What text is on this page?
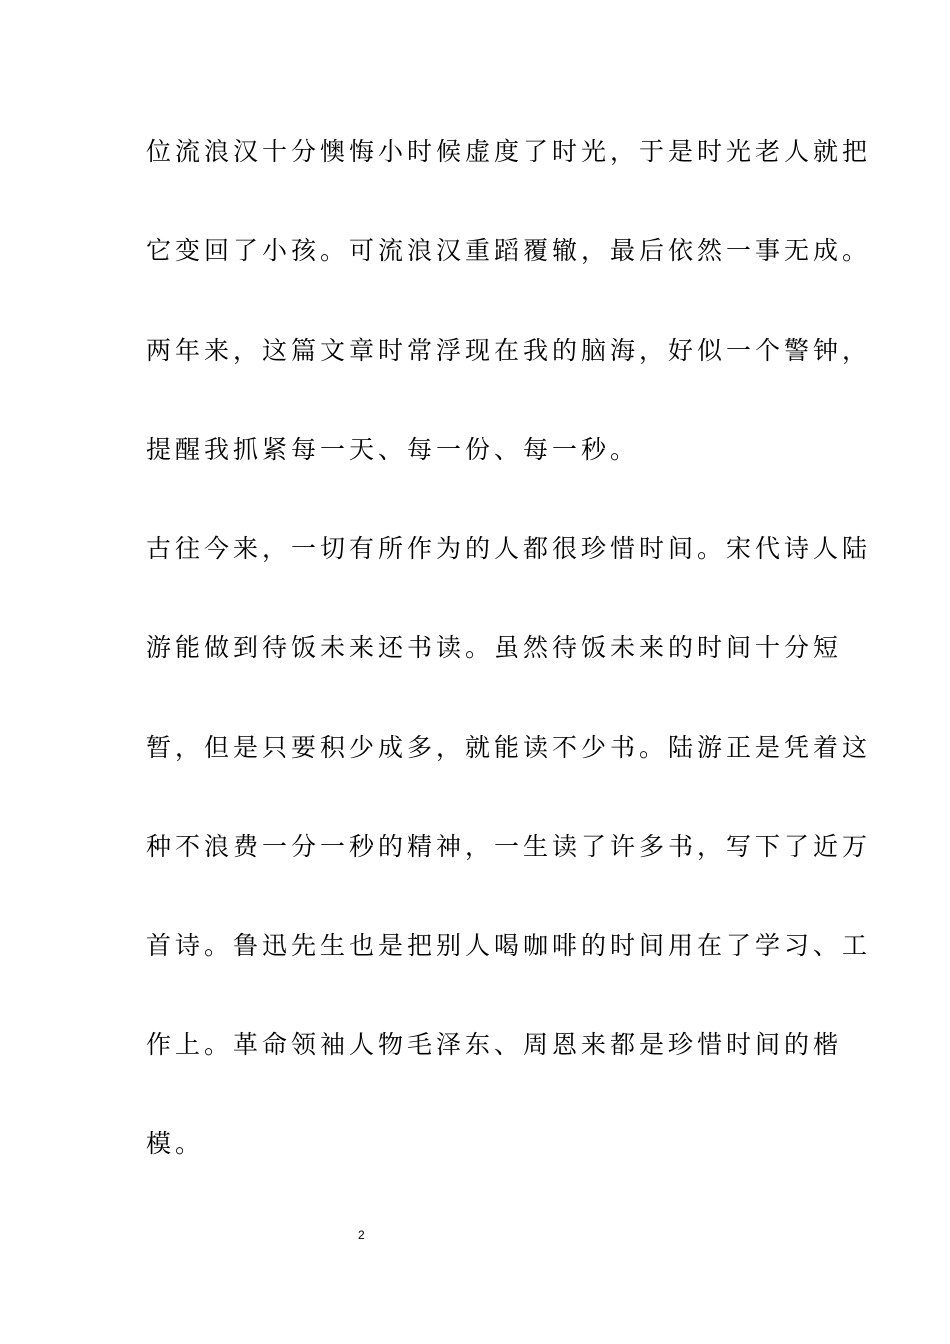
位流浪汉十分懊悔小时候虚度了时光，于是时光老人就把
它变回了小孩。可流浪汉重蹈覆辙，最后依然一事无成。
两年来，这篇文章时常浮现在我的脑海，好似一个警钟，
提醒我抓紧每一天、每一份、每一秒。
古往今来，一切有所作为的人都很珍惜时间。宋代诗人陆
游能做到待饭未来还书读。虽然待饭未来的时间十分短
暂，但是只要积少成多，就能读不少书。陆游正是凭着这
种不浪费一分一秒的精神，一生读了许多书，写下了近万
首诗。鲁迅先生也是把别人喝咖啡的时间用在了学习、工
作上。革命领袖人物毛泽东、周恩来都是珍惜时间的楷
模。
2
